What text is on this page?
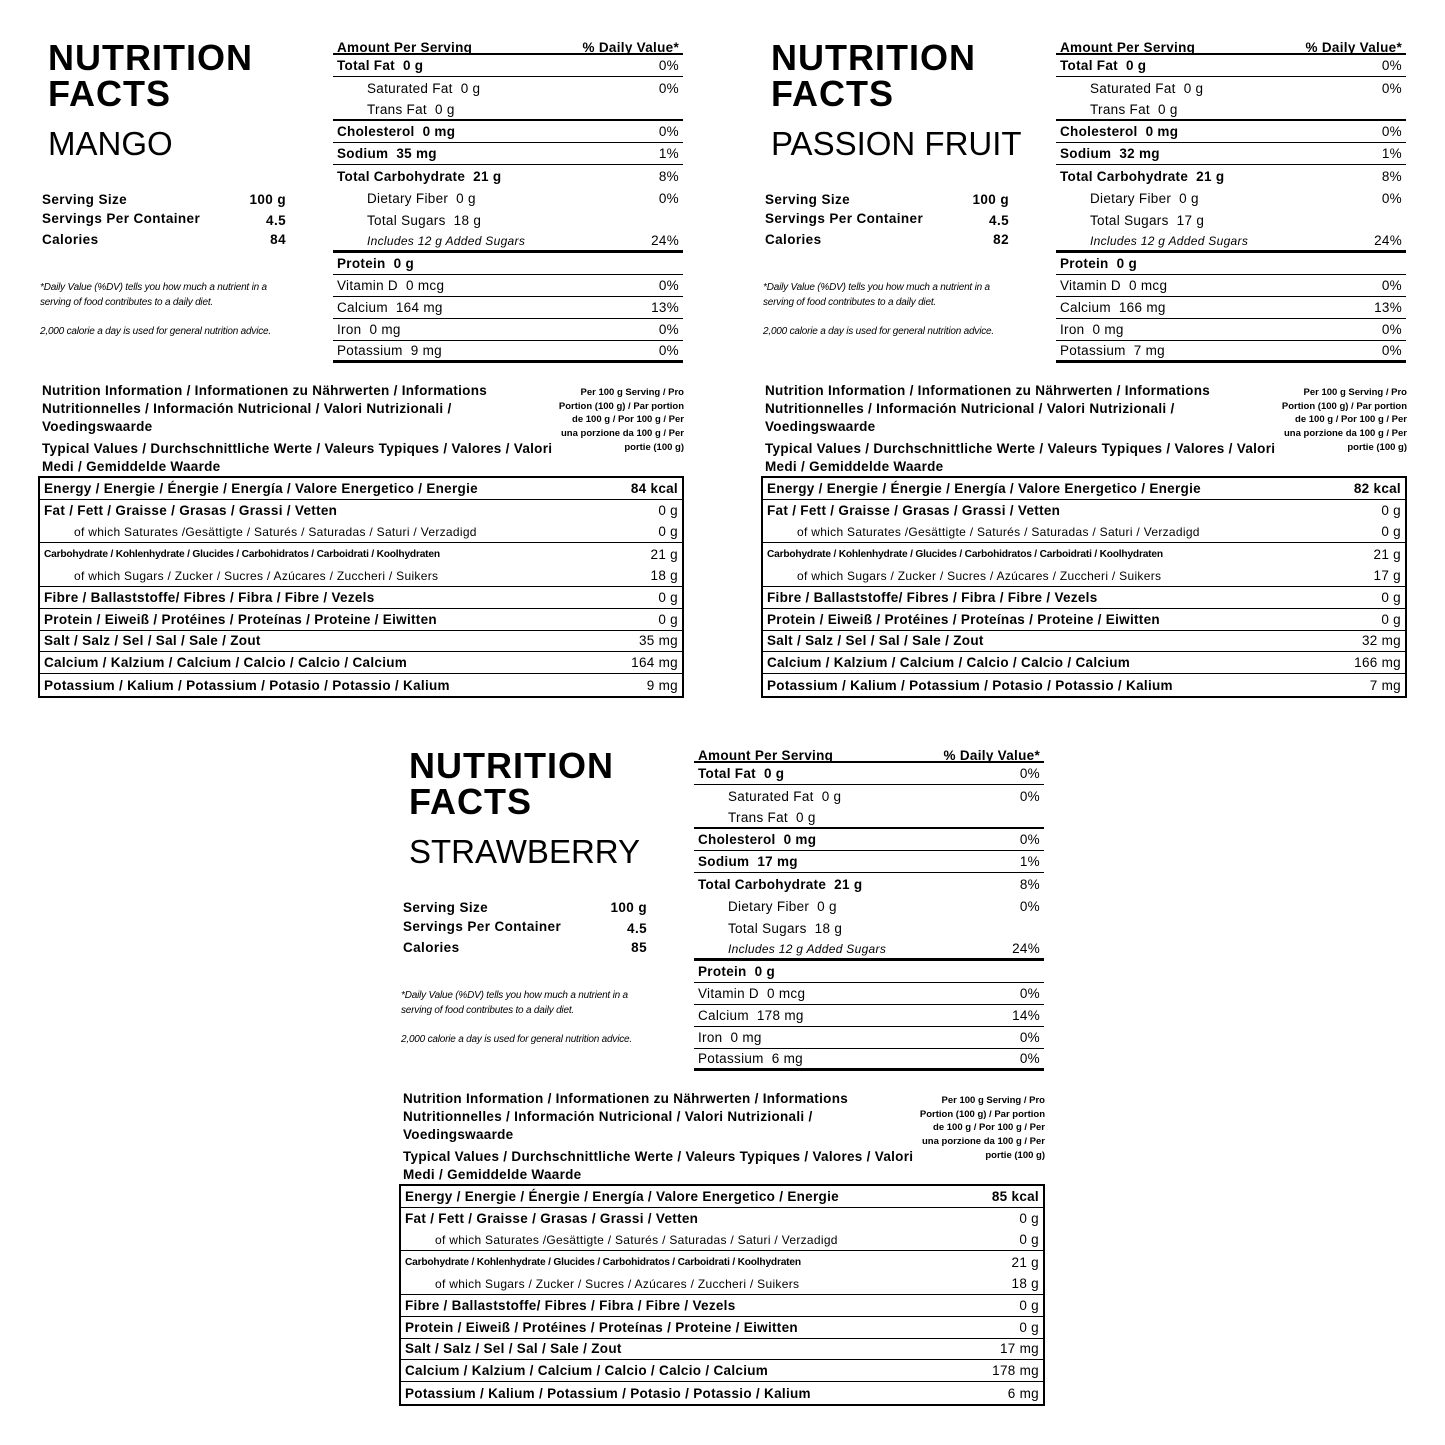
NUTRITION
FACTS
MANGO
Serving Size	100 g
Servings Per Container	4.5
Calories	84
*Daily Value (%DV) tells you how much a nutrient in a serving of food contributes to a daily diet.
2,000 calorie a day is used for general nutrition advice.
Amount Per Serving	% Daily Value*
Total Fat 0 g	0%
Saturated Fat 0 g	0%
Trans Fat 0 g
Cholesterol 0 mg	0%
Sodium 35 mg	1%
Total Carbohydrate 21 g	8%
Dietary Fiber 0 g	0%
Total Sugars 18 g
Includes 12 g Added Sugars	24%
Protein 0 g
Vitamin D 0 mcg	0%
Calcium 164 mg	13%
Iron 0 mg	0%
Potassium 9 mg	0%
Nutrition Information / Informationen zu Nährwerten / Informations Nutritionnelles / Información Nutricional / Valori Nutrizionali / Voedingswaarde
Typical Values / Durchschnittliche Werte / Valeurs Typiques / Valores / Valori Medi / Gemiddelde Waarde
Per 100 g Serving / Pro Portion (100 g) / Par portion de 100 g / Por 100 g / Per una porzione da 100 g / Per portie (100 g)
Energy / Energie / Énergie / Energía / Valore Energetico / Energie	84 kcal
Fat / Fett / Graisse / Grasas / Grassi / Vetten	0 g
of which Saturates /Gesättigte / Saturés / Saturadas / Saturi / Verzadigd	0 g
Carbohydrate / Kohlenhydrate / Glucides / Carbohidratos / Carboidrati / Koolhydraten	21 g
of which Sugars / Zucker / Sucres / Azúcares / Zuccheri / Suikers	18 g
Fibre / Ballaststoffe/ Fibres / Fibra / Fibre / Vezels	0 g
Protein / Eiweiß / Protéines / Proteínas / Proteine / Eiwitten	0 g
Salt / Salz / Sel / Sal / Sale / Zout	35 mg
Calcium / Kalzium / Calcium / Calcio / Calcio / Calcium	164 mg
Potassium / Kalium / Potassium / Potasio / Potassio / Kalium	9 mg
NUTRITION
FACTS
PASSION FRUIT
Serving Size	100 g
Servings Per Container	4.5
Calories	82
*Daily Value (%DV) tells you how much a nutrient in a serving of food contributes to a daily diet.
2,000 calorie a day is used for general nutrition advice.
Amount Per Serving	% Daily Value*
Total Fat 0 g	0%
Saturated Fat 0 g	0%
Trans Fat 0 g
Cholesterol 0 mg	0%
Sodium 32 mg	1%
Total Carbohydrate 21 g	8%
Dietary Fiber 0 g	0%
Total Sugars 17 g
Includes 12 g Added Sugars	24%
Protein 0 g
Vitamin D 0 mcg	0%
Calcium 166 mg	13%
Iron 0 mg	0%
Potassium 7 mg	0%
Nutrition Information / Informationen zu Nährwerten / Informations Nutritionnelles / Información Nutricional / Valori Nutrizionali / Voedingswaarde
Typical Values / Durchschnittliche Werte / Valeurs Typiques / Valores / Valori Medi / Gemiddelde Waarde
Per 100 g Serving / Pro Portion (100 g) / Par portion de 100 g / Por 100 g / Per una porzione da 100 g / Per portie (100 g)
Energy / Energie / Énergie / Energía / Valore Energetico / Energie	82 kcal
Fat / Fett / Graisse / Grasas / Grassi / Vetten	0 g
of which Saturates /Gesättigte / Saturés / Saturadas / Saturi / Verzadigd	0 g
Carbohydrate / Kohlenhydrate / Glucides / Carbohidratos / Carboidrati / Koolhydraten	21 g
of which Sugars / Zucker / Sucres / Azúcares / Zuccheri / Suikers	17 g
Fibre / Ballaststoffe/ Fibres / Fibra / Fibre / Vezels	0 g
Protein / Eiweiß / Protéines / Proteínas / Proteine / Eiwitten	0 g
Salt / Salz / Sel / Sal / Sale / Zout	32 mg
Calcium / Kalzium / Calcium / Calcio / Calcio / Calcium	166 mg
Potassium / Kalium / Potassium / Potasio / Potassio / Kalium	7 mg
NUTRITION
FACTS
STRAWBERRY
Serving Size	100 g
Servings Per Container	4.5
Calories	85
*Daily Value (%DV) tells you how much a nutrient in a serving of food contributes to a daily diet.
2,000 calorie a day is used for general nutrition advice.
Amount Per Serving	% Daily Value*
Total Fat 0 g	0%
Saturated Fat 0 g	0%
Trans Fat 0 g
Cholesterol 0 mg	0%
Sodium 17 mg	1%
Total Carbohydrate 21 g	8%
Dietary Fiber 0 g	0%
Total Sugars 18 g
Includes 12 g Added Sugars	24%
Protein 0 g
Vitamin D 0 mcg	0%
Calcium 178 mg	14%
Iron 0 mg	0%
Potassium 6 mg	0%
Nutrition Information / Informationen zu Nährwerten / Informations Nutritionnelles / Información Nutricional / Valori Nutrizionali / Voedingswaarde
Typical Values / Durchschnittliche Werte / Valeurs Typiques / Valores / Valori Medi / Gemiddelde Waarde
Per 100 g Serving / Pro Portion (100 g) / Par portion de 100 g / Por 100 g / Per una porzione da 100 g / Per portie (100 g)
Energy / Energie / Énergie / Energía / Valore Energetico / Energie	85 kcal
Fat / Fett / Graisse / Grasas / Grassi / Vetten	0 g
of which Saturates /Gesättigte / Saturés / Saturadas / Saturi / Verzadigd	0 g
Carbohydrate / Kohlenhydrate / Glucides / Carbohidratos / Carboidrati / Koolhydraten	21 g
of which Sugars / Zucker / Sucres / Azúcares / Zuccheri / Suikers	18 g
Fibre / Ballaststoffe/ Fibres / Fibra / Fibre / Vezels	0 g
Protein / Eiweiß / Protéines / Proteínas / Proteine / Eiwitten	0 g
Salt / Salz / Sel / Sal / Sale / Zout	17 mg
Calcium / Kalzium / Calcium / Calcio / Calcio / Calcium	178 mg
Potassium / Kalium / Potassium / Potasio / Potassio / Kalium	6 mg
